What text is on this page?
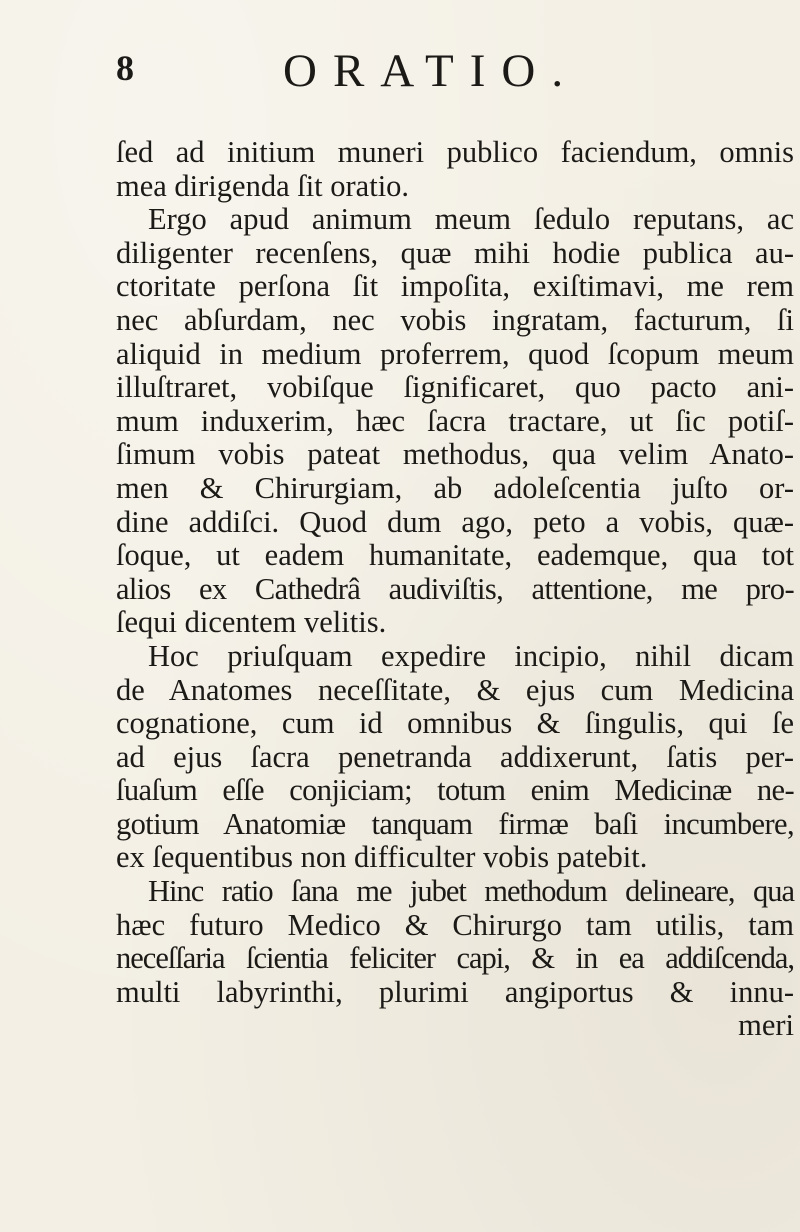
8	ORATIO.
ſed ad initium muneri publico faciendum, omnis
mea dirigenda ſit oratio.
Ergo apud animum meum ſedulo reputans, ac
diligenter recenſens, quæ mihi hodie publica au-
ctoritate perſona ſit impoſita, exiſtimavi, me rem
nec abſurdam, nec vobis ingratam, facturum, ſi
aliquid in medium proferrem, quod ſcopum meum
illuſtraret, vobiſque ſignificaret, quo pacto ani-
mum induxerim, hæc ſacra tractare, ut ſic potiſ-
ſimum vobis pateat methodus, qua velim Anato-
men & Chirurgiam, ab adoleſcentia juſto or-
dine addiſci. Quod dum ago, peto a vobis, quæ-
ſoque, ut eadem humanitate, eademque, qua tot
alios ex Cathedrâ audiviſtis, attentione, me pro-
ſequi dicentem velitis.
Hoc priuſquam expedire incipio, nihil dicam
de Anatomes neceſſitate, & ejus cum Medicina
cognatione, cum id omnibus & ſingulis, qui ſe
ad ejus ſacra penetranda addixerunt, ſatis per-
ſuaſum eſſe conjiciam; totum enim Medicinæ ne-
gotium Anatomiæ tanquam firmæ baſi incumbere,
ex ſequentibus non difficulter vobis patebit.
Hinc ratio ſana me jubet methodum delineare, qua
hæc futuro Medico & Chirurgo tam utilis, tam
neceſſaria ſcientia feliciter capi, & in ea addiſcenda,
multi labyrinthi, plurimi angiportus & innu-
meri
